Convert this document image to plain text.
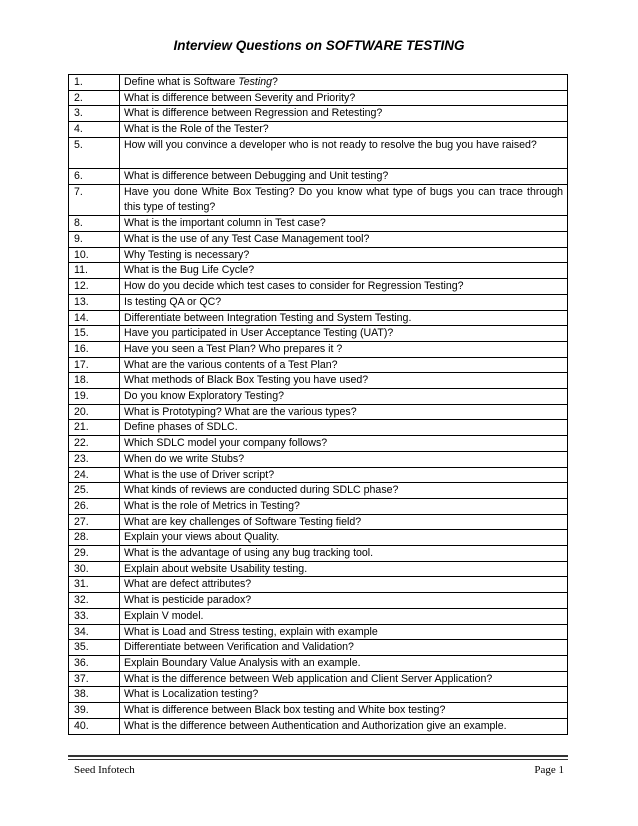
Interview Questions on SOFTWARE TESTING
1.	Define what is Software Testing?
2.	What is difference between Severity and Priority?
3.	What is difference between Regression and Retesting?
4.	What is the Role of the Tester?
5.	How will you convince a developer who is not ready to resolve the bug you have raised?
6.	What is difference between Debugging and Unit testing?
7.	Have you done White Box Testing? Do you know what type of bugs you can trace through this type of testing?
8.	What is the important column in Test case?
9.	What is the use of any Test Case Management tool?
10.	Why Testing is necessary?
11.	What is the Bug Life Cycle?
12.	How do you decide which test cases to consider for Regression Testing?
13.	Is testing QA or QC?
14.	Differentiate between Integration Testing and System Testing.
15.	Have you participated in User Acceptance Testing (UAT)?
16.	Have you seen a Test Plan? Who prepares it ?
17.	What are the various contents of a Test Plan?
18.	What methods of Black Box Testing you have used?
19.	Do you know Exploratory Testing?
20.	What is Prototyping? What are the various types?
21.	Define phases of SDLC.
22.	Which SDLC model your company follows?
23.	When do we write Stubs?
24.	What is the use of Driver script?
25.	What kinds of reviews are conducted during SDLC phase?
26.	What is the role of Metrics in Testing?
27.	What are key challenges of Software Testing field?
28.	Explain your views about Quality.
29.	What is the advantage of using any bug tracking tool.
30.	Explain about website Usability testing.
31.	What are defect attributes?
32.	What is pesticide paradox?
33.	Explain V model.
34.	What is Load and Stress testing, explain with example
35.	Differentiate between Verification and Validation?
36.	Explain Boundary Value Analysis with an example.
37.	What is the difference between Web application and Client Server Application?
38.	What is Localization testing?
39.	What is difference between Black box testing and White box testing?
40.	What is the difference between Authentication and Authorization give an example.
Seed Infotech	Page 1
